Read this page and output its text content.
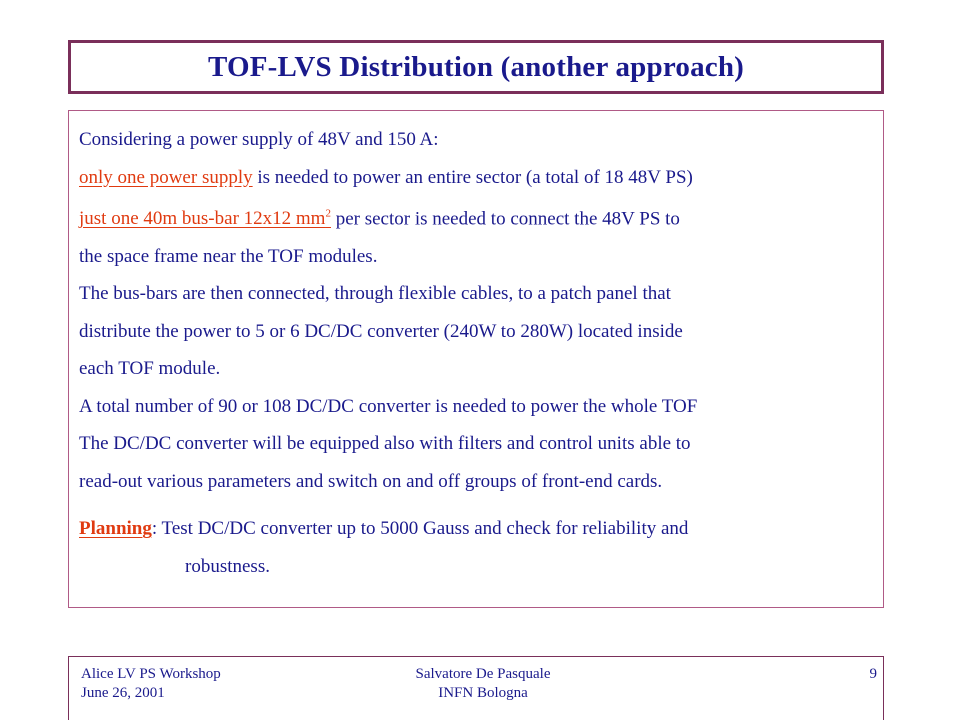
TOF-LVS Distribution (another approach)
Considering a power supply of 48V and 150 A:
only one power supply is needed to power an entire sector (a total of 18 48V PS)
just one 40m bus-bar 12x12 $mm^2$ per sector is needed to connect the 48V PS to
the space frame near the TOF modules.
The bus-bars are then connected, through flexible cables, to a patch panel that
distribute the power to 5 or 6 DC/DC converter (240W to 280W) located inside
each TOF module.
A total number of 90 or 108 DC/DC converter is needed to power the whole TOF
The DC/DC converter will be equipped also with filters and control units able to
read-out various parameters and switch on and off groups of front-end cards.
Planning: Test DC/DC converter up to 5000 Gauss and check for reliability and
robustness.
Alice LV PS Workshop
June 26, 2001
Salvatore De Pasquale
INFN Bologna
9
